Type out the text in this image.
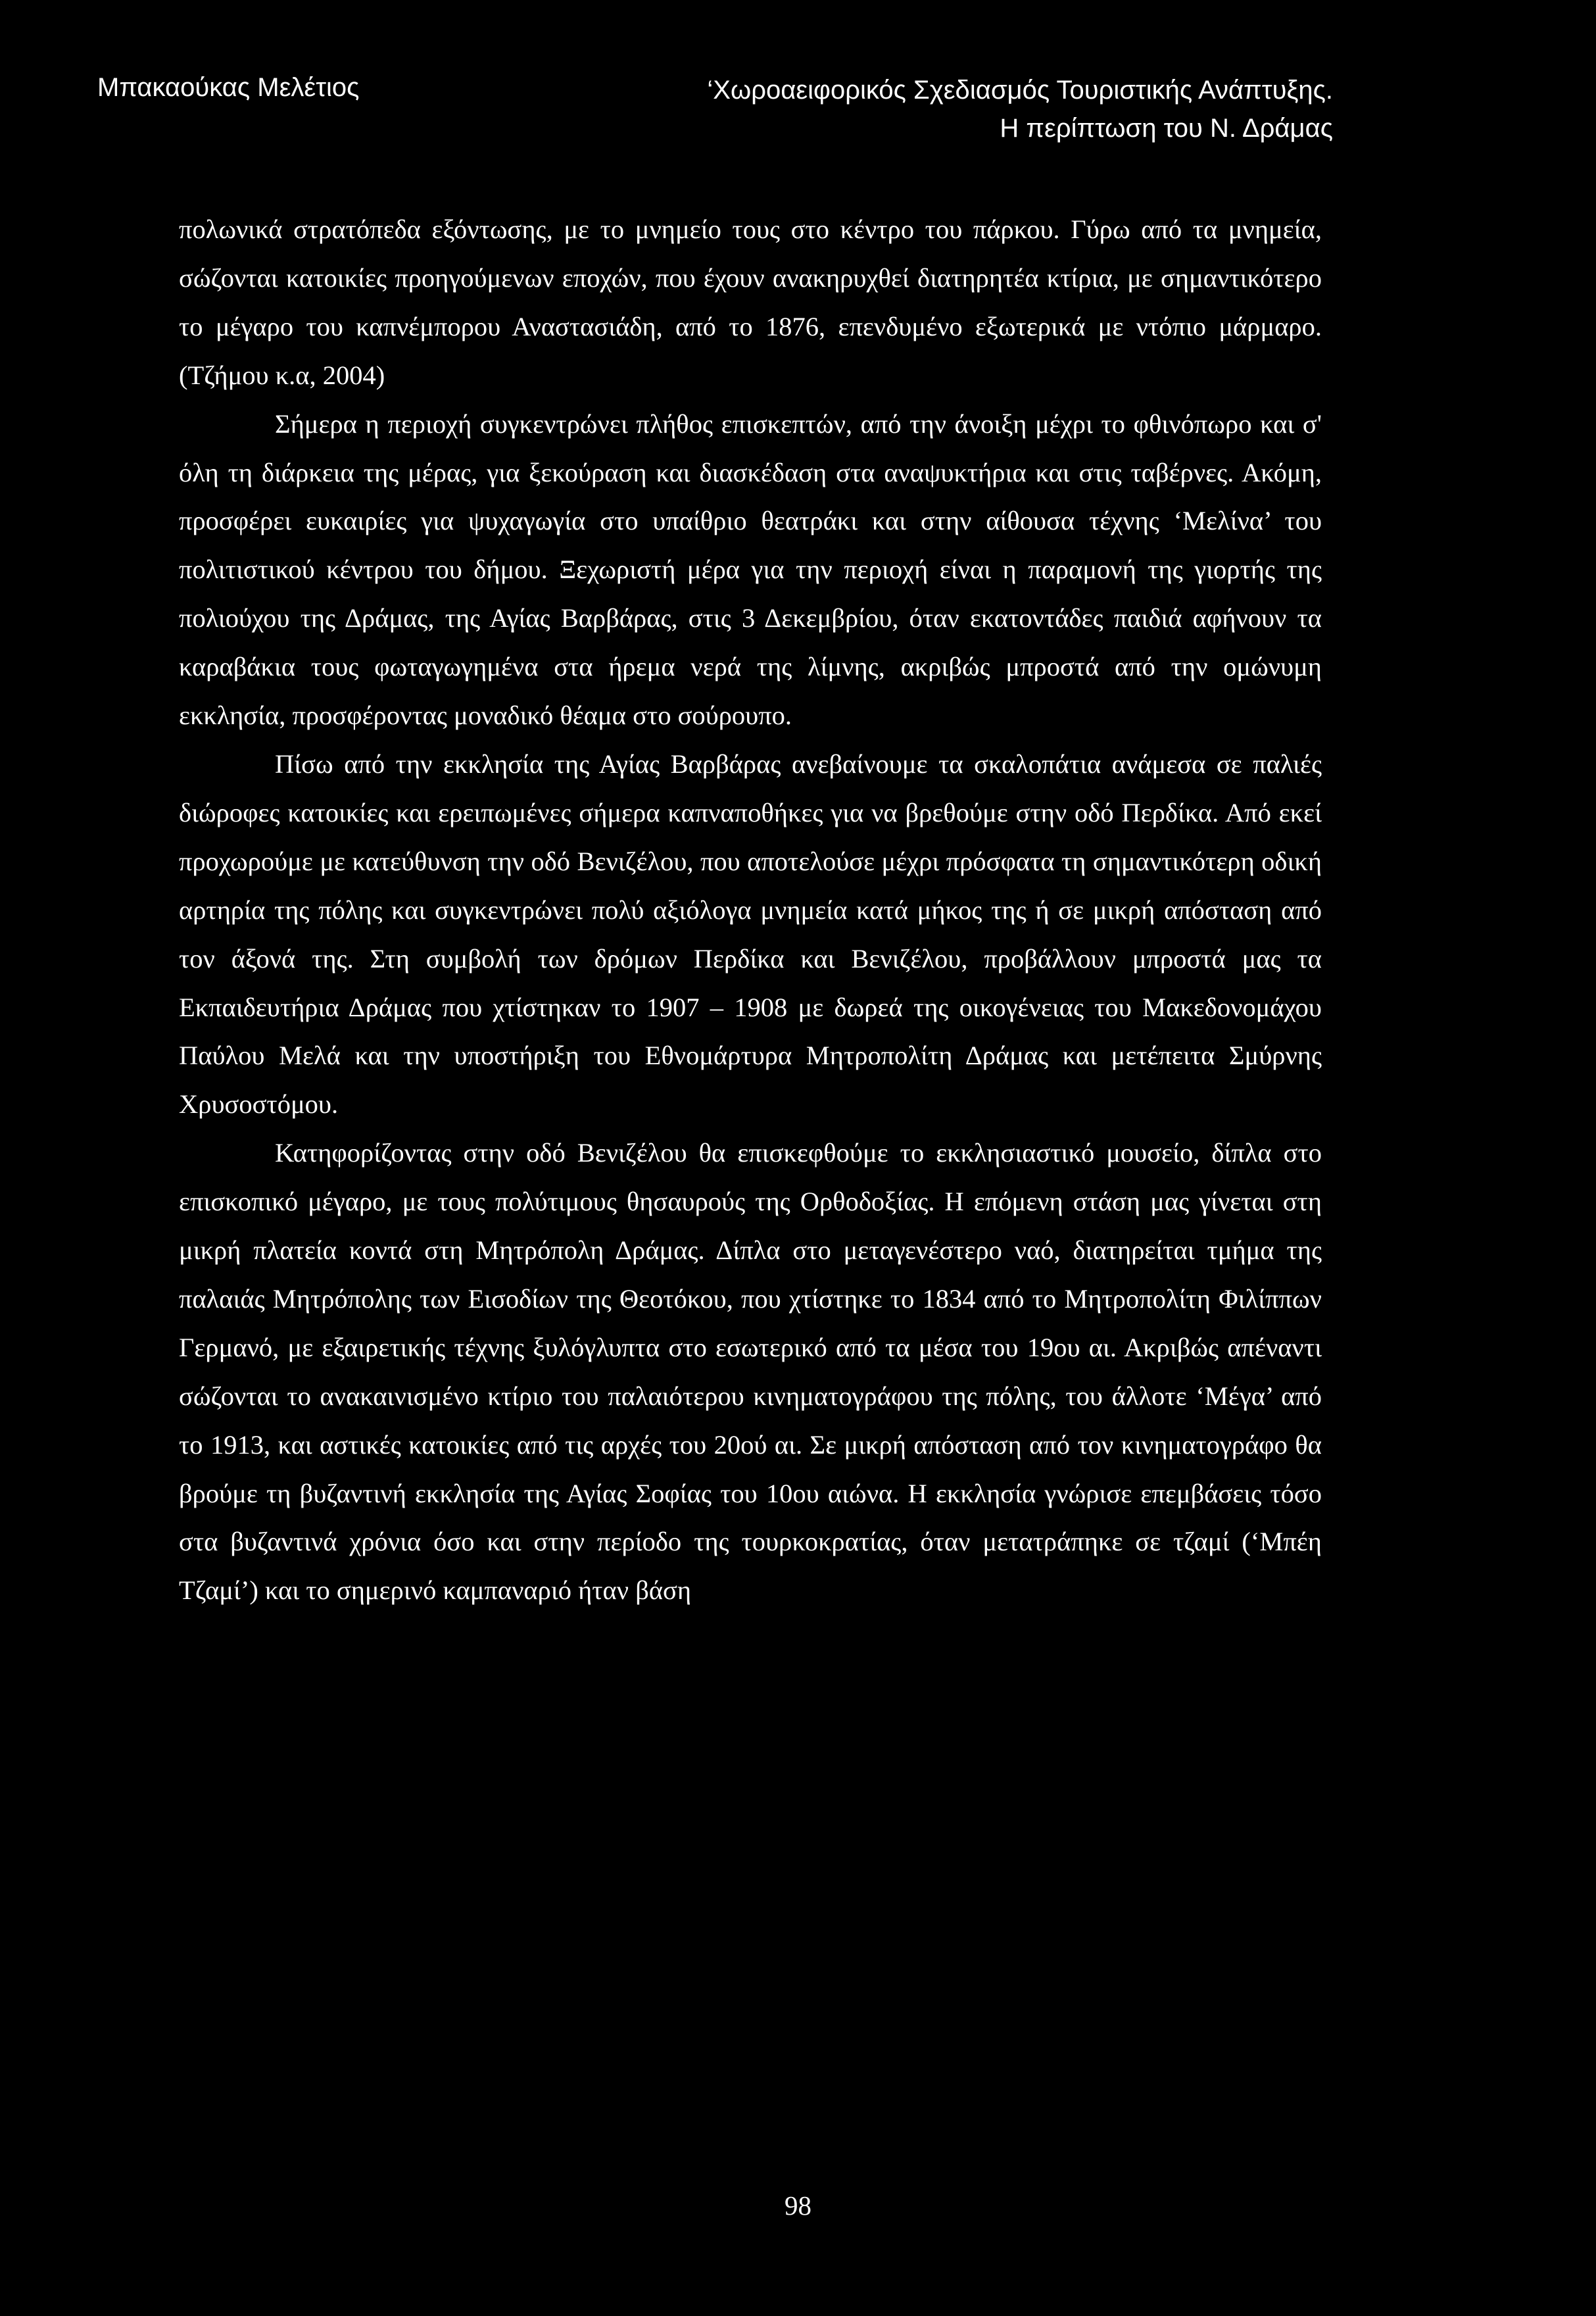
Μπακαούκας Μελέτιος	‘Χωροαειφορικός Σχεδιασμός Τουριστικής Ανάπτυξης.
Η περίπτωση του Ν. Δράμας

πολωνικά στρατόπεδα εξόντωσης, με το μνημείο τους στο κέντρο του πάρκου. Γύρω από τα μνημεία, σώζονται κατοικίες προηγούμενων εποχών, που έχουν ανακηρυχθεί διατηρητέα κτίρια, με σημαντικότερο το μέγαρο του καπνέμπορου Αναστασιάδη, από το 1876, επενδυμένο εξωτερικά με ντόπιο μάρμαρο. (Τζήμου κ.α, 2004)

Σήμερα η περιοχή συγκεντρώνει πλήθος επισκεπτών, από την άνοιξη μέχρι το φθινόπωρο και σ' όλη τη διάρκεια της μέρας, για ξεκούραση και διασκέδαση στα αναψυκτήρια και στις ταβέρνες. Ακόμη, προσφέρει ευκαιρίες για ψυχαγωγία στο υπαίθριο θεατράκι και στην αίθουσα τέχνης ‘Μελίνα’ του πολιτιστικού κέντρου του δήμου. Ξεχωριστή μέρα για την περιοχή είναι η παραμονή της γιορτής της πολιούχου της Δράμας, της Αγίας Βαρβάρας, στις 3 Δεκεμβρίου, όταν εκατοντάδες παιδιά αφήνουν τα καραβάκια τους φωταγωγημένα στα ήρεμα νερά της λίμνης, ακριβώς μπροστά από την ομώνυμη εκκλησία, προσφέροντας μοναδικό θέαμα στο σούρουπο.

Πίσω από την εκκλησία της Αγίας Βαρβάρας ανεβαίνουμε τα σκαλοπάτια ανάμεσα σε παλιές διώροφες κατοικίες και ερειπωμένες σήμερα καπναποθήκες για να βρεθούμε στην οδό Περδίκα. Από εκεί προχωρούμε με κατεύθυνση την οδό Βενιζέλου, που αποτελούσε μέχρι πρόσφατα τη σημαντικότερη οδική αρτηρία της πόλης και συγκεντρώνει πολύ αξιόλογα μνημεία κατά μήκος της ή σε μικρή απόσταση από τον άξονά της. Στη συμβολή των δρόμων Περδίκα και Βενιζέλου, προβάλλουν μπροστά μας τα Εκπαιδευτήρια Δράμας που χτίστηκαν το 1907 – 1908 με δωρεά της οικογένειας του Μακεδονομάχου Παύλου Μελά και την υποστήριξη του Εθνομάρτυρα Μητροπολίτη Δράμας και μετέπειτα Σμύρνης Χρυσοστόμου.

Κατηφορίζοντας στην οδό Βενιζέλου θα επισκεφθούμε το εκκλησιαστικό μουσείο, δίπλα στο επισκοπικό μέγαρο, με τους πολύτιμους θησαυρούς της Ορθοδοξίας. Η επόμενη στάση μας γίνεται στη μικρή πλατεία κοντά στη Μητρόπολη Δράμας. Δίπλα στο μεταγενέστερο ναό, διατηρείται τμήμα της παλαιάς Μητρόπολης των Εισοδίων της Θεοτόκου, που χτίστηκε το 1834 από το Μητροπολίτη Φιλίππων Γερμανό, με εξαιρετικής τέχνης ξυλόγλυπτα στο εσωτερικό από τα μέσα του 19ου αι. Ακριβώς απέναντι σώζονται το ανακαινισμένο κτίριο του παλαιότερου κινηματογράφου της πόλης, του άλλοτε ‘Μέγα’ από το 1913, και αστικές κατοικίες από τις αρχές του 20ού αι. Σε μικρή απόσταση από τον κινηματογράφο θα βρούμε τη βυζαντινή εκκλησία της Αγίας Σοφίας του 10ου αιώνα. Η εκκλησία γνώρισε επεμβάσεις τόσο στα βυζαντινά χρόνια όσο και στην περίοδο της τουρκοκρατίας, όταν μετατράπηκε σε τζαμί (‘Μπέη Τζαμί’) και το σημερινό καμπαναριό ήταν βάση

98
